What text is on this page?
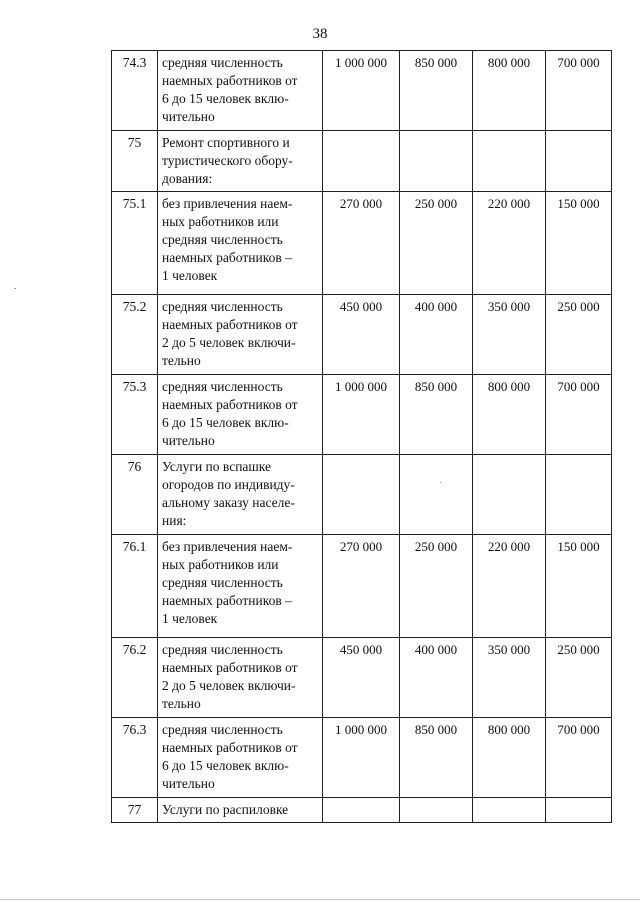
38
74.3	средняя численность
наемных работников от
6 до 15 человек вклю-
чительно	1 000 000	850 000	800 000	700 000
75	Ремонт спортивного и
туристического обору-
дования:				
75.1	без привлечения наем-
ных работников или
средняя численность
наемных работников –
1 человек	270 000	250 000	220 000	150 000
75.2	средняя численность
наемных работников от
2 до 5 человек включи-
тельно	450 000	400 000	350 000	250 000
75.3	средняя численность
наемных работников от
6 до 15 человек вклю-
чительно	1 000 000	850 000	800 000	700 000
76	Услуги по вспашке
огородов по индивиду-
альному заказу населе-
ния:				
76.1	без привлечения наем-
ных работников или
средняя численность
наемных работников –
1 человек	270 000	250 000	220 000	150 000
76.2	средняя численность
наемных работников от
2 до 5 человек включи-
тельно	450 000	400 000	350 000	250 000
76.3	средняя численность
наемных работников от
6 до 15 человек вклю-
чительно	1 000 000	850 000	800 000	700 000
77	Услуги по распиловке				
